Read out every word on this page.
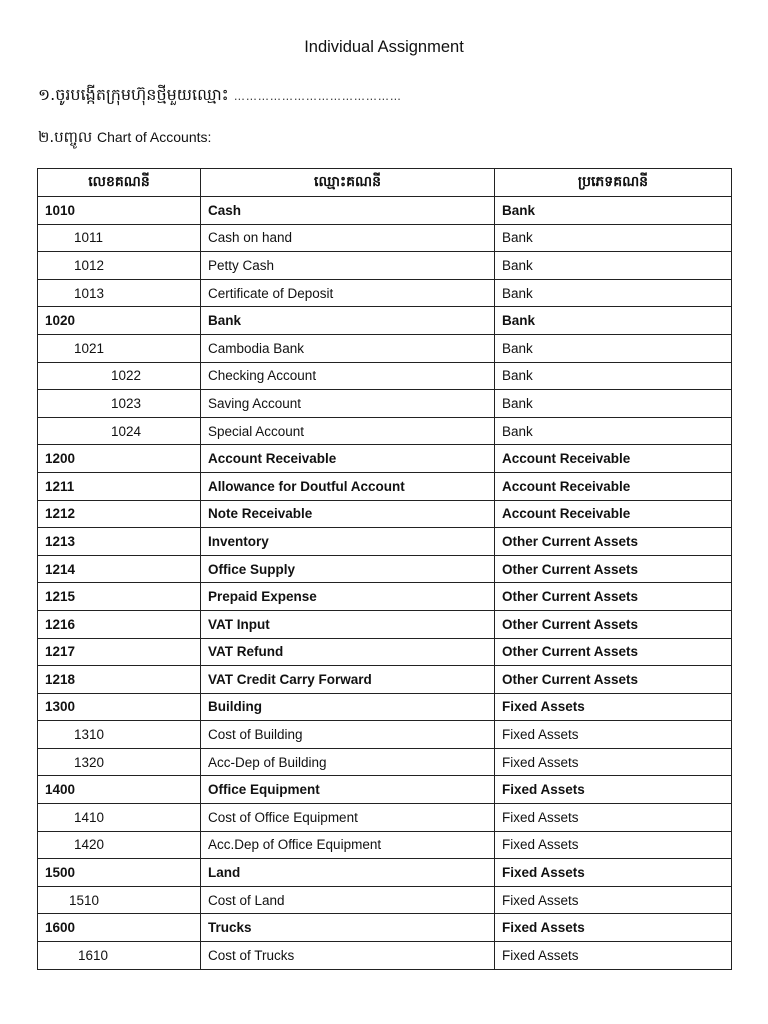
Individual Assignment
១.ចូរបង្កើតក្រុមហ៊ុនថ្មីមួយឈ្មោះ ……………………………………
២.បញ្ចូល Chart of Accounts:
លេខគណនី	ឈ្មោះគណនី	ប្រភេទគណនី
1010	Cash	Bank
1011	Cash on hand	Bank
1012	Petty Cash	Bank
1013	Certificate of Deposit	Bank
1020	Bank	Bank
1021	Cambodia Bank	Bank
1022	Checking Account	Bank
1023	Saving Account	Bank
1024	Special Account	Bank
1200	Account Receivable	Account Receivable
1211	Allowance for Doutful Account	Account Receivable
1212	Note Receivable	Account Receivable
1213	Inventory	Other Current Assets
1214	Office Supply	Other Current Assets
1215	Prepaid Expense	Other Current Assets
1216	VAT Input	Other Current Assets
1217	VAT Refund	Other Current Assets
1218	VAT Credit Carry Forward	Other Current Assets
1300	Building	Fixed Assets
1310	Cost of Building	Fixed Assets
1320	Acc-Dep of Building	Fixed Assets
1400	Office Equipment	Fixed Assets
1410	Cost of Office Equipment	Fixed Assets
1420	Acc.Dep of Office Equipment	Fixed Assets
1500	Land	Fixed Assets
1510	Cost of Land	Fixed Assets
1600	Trucks	Fixed Assets
1610	Cost of Trucks	Fixed Assets
